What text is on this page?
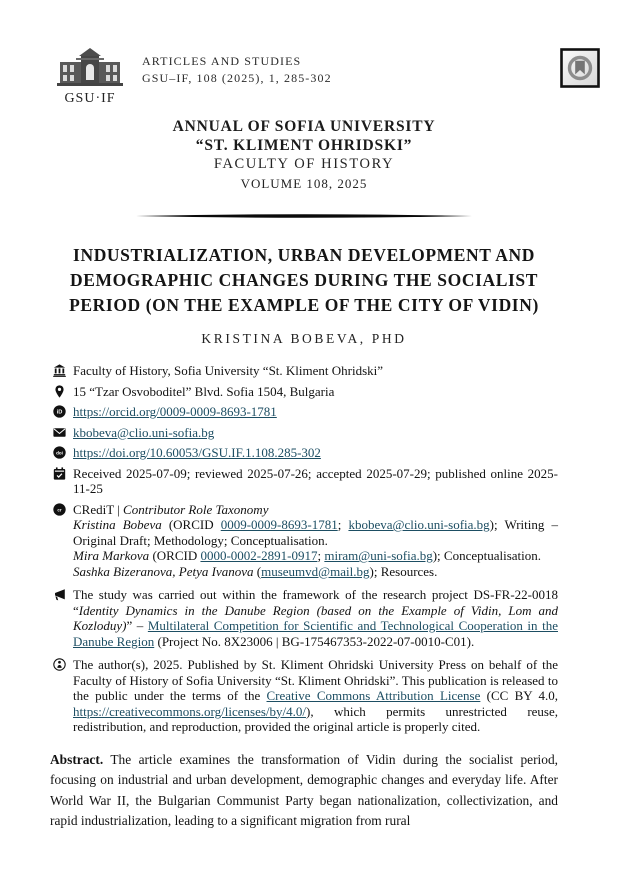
GSU·IF
ARTICLES AND STUDIES
GSU–IF, 108 (2025), 1, 285-302
ANNUAL OF SOFIA UNIVERSITY
“ST. KLIMENT OHRIDSKI”
FACULTY OF HISTORY
VOLUME 108, 2025
INDUSTRIALIZATION, URBAN DEVELOPMENT AND DEMOGRAPHIC CHANGES DURING THE SOCIALIST PERIOD (ON THE EXAMPLE OF THE CITY OF VIDIN)
KRISTINA BOBEVA, PHD
Faculty of History, Sofia University “St. Kliment Ohridski”
15 “Tzar Osvoboditel” Blvd. Sofia 1504, Bulgaria
iD https://orcid.org/0009-0009-8693-1781
kbobeva@clio.uni-sofia.bg
doi https://doi.org/10.60053/GSU.IF.1.108.285-302
Received 2025-07-09; reviewed 2025-07-26; accepted 2025-07-29; published online 2025-11-25
cr CRediT | Contributor Role Taxonomy
Kristina Bobeva (ORCID 0009-0009-8693-1781; kbobeva@clio.uni-sofia.bg); Writing – Original Draft; Methodology; Conceptualisation.
Mira Markova (ORCID 0000-0002-2891-0917; miram@uni-sofia.bg); Conceptualisation.
Sashka Bizeranova, Petya Ivanova (museumvd@mail.bg); Resources.
The study was carried out within the framework of the research project DS-FR-22-0018 “Identity Dynamics in the Danube Region (based on the Example of Vidin, Lom and Kozloduy)” – Multilateral Competition for Scientific and Technological Cooperation in the Danube Region (Project No. 8X23006 | BG-175467353-2022-07-0010-C01).
The author(s), 2025. Published by St. Kliment Ohridski University Press on behalf of the Faculty of History of Sofia University “St. Kliment Ohridski”. This publication is released to the public under the terms of the Creative Commons Attribution License (CC BY 4.0, https://creativecommons.org/licenses/by/4.0/), which permits unrestricted reuse, redistribution, and reproduction, provided the original article is properly cited.
Abstract. The article examines the transformation of Vidin during the socialist period, focusing on industrial and urban development, demographic changes and everyday life. After World War II, the Bulgarian Communist Party began nationalization, collectivization, and rapid industrialization, leading to a significant migration from rural
